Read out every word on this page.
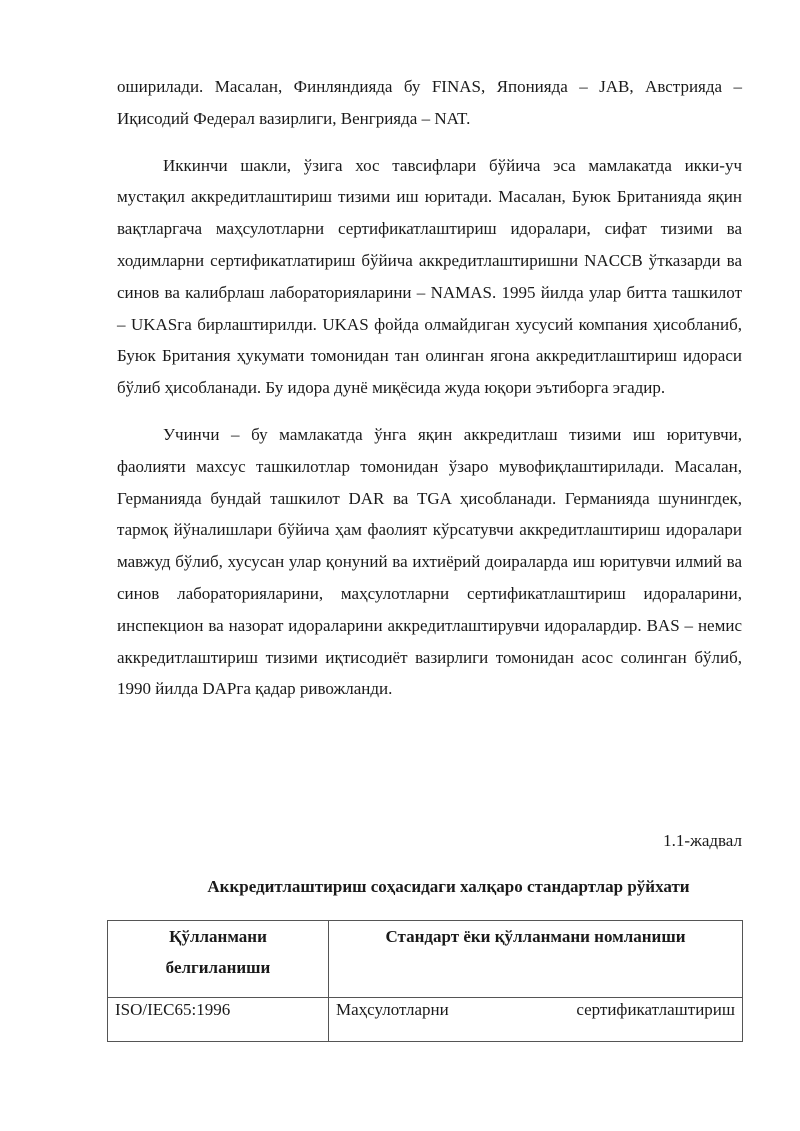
оширилади. Масалан, Финляндияда бу FINAS, Японияда – JAB, Австрияда – Иқисодий Федерал вазирлиги, Венгрияда – NAT.

Иккинчи шакли, ўзига хос тавсифлари бўйича эса мамлакатда икки-уч мустақил аккредитлаштириш тизими иш юритади. Масалан, Буюк Британияда яқин вақтларгача маҳсулотларни сертификатлаштириш идоралари, сифат тизими ва ходимларни сертификатлатириш бўйича аккредитлаштиришни NACCB ўтказарди ва синов ва калибрлаш лабораторияларини – NAMAS. 1995 йилда улар битта ташкилот – UKASга бирлаштирилди. UKAS фойда олмайдиган хусусий компания ҳисобланиб, Буюк Британия ҳукумати томонидан тан олинган ягона аккредитлаштириш идораси бўлиб ҳисобланади. Бу идора дунё миқёсида жуда юқори эътиборга эгадир.

Учинчи – бу мамлакатда ўнга яқин аккредитлаш тизими иш юритувчи, фаолияти махсус ташкилотлар томонидан ўзаро мувофиқлаштирилади. Масалан, Германияда бундай ташкилот DAR ва TGA ҳисобланади. Германияда шунингдек, тармоқ йўналишлари бўйича ҳам фаолият кўрсатувчи аккредитлаштириш идоралари мавжуд бўлиб, хусусан улар қонуний ва ихтиёрий доираларда иш юритувчи илмий ва синов лабораторияларини, маҳсулотларни сертификатлаштириш идораларини, инспекцион ва назорат идораларини аккредитлаштирувчи идоралардир. BAS – немис аккредитлаштириш тизими иқтисодиёт вазирлиги томонидан асос солинган бўлиб, 1990 йилда DAPга қадар ривожланди.

1.1-жадвал
Аккредитлаштириш соҳасидаги халқаро стандартлар рўйхати
Қўлланмани белгиланиши	Стандарт ёки қўлланмани номланиши
ISO/IEC65:1996	Маҳсулотларни сертификатлаштириш
